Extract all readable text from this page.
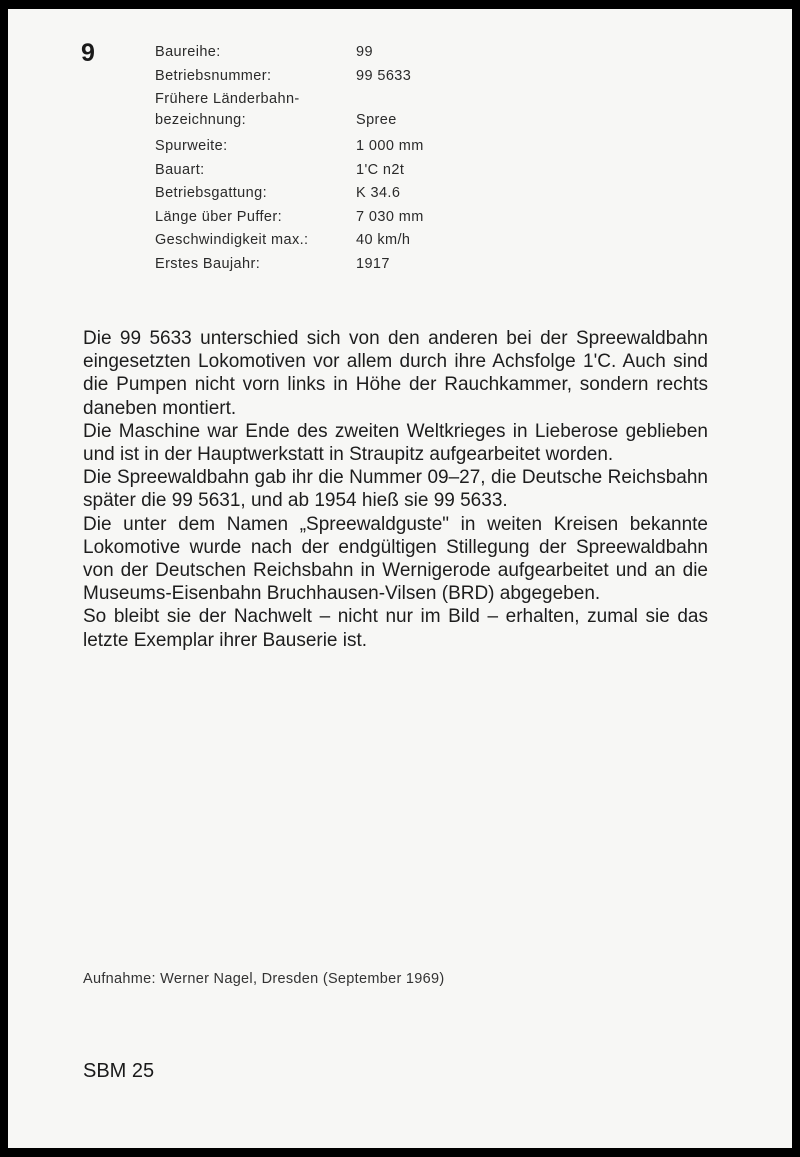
9	Baureihe:	99
Betriebsnummer:	99 5633
Frühere Länderbahn-
bezeichnung:	Spree
Spurweite:	1 000 mm
Bauart:	1'C n2t
Betriebsgattung:	K 34.6
Länge über Puffer:	7 030 mm
Geschwindigkeit max.:	40 km/h
Erstes Baujahr:	1917

Die 99 5633 unterschied sich von den anderen bei der Spreewaldbahn eingesetzten Lokomotiven vor allem durch ihre Achsfolge 1'C. Auch sind die Pumpen nicht vorn links in Höhe der Rauchkammer, sondern rechts daneben montiert.

Die Maschine war Ende des zweiten Weltkrieges in Lieberose geblieben und ist in der Hauptwerkstatt in Straupitz aufgearbeitet worden.

Die Spreewaldbahn gab ihr die Nummer 09–27, die Deutsche Reichsbahn später die 99 5631, und ab 1954 hieß sie 99 5633.

Die unter dem Namen „Spreewaldguste" in weiten Kreisen bekannte Lokomotive wurde nach der endgültigen Stillegung der Spreewaldbahn von der Deutschen Reichsbahn in Wernigerode aufgearbeitet und an die Museums-Eisenbahn Bruchhausen-Vilsen (BRD) abgegeben.

So bleibt sie der Nachwelt – nicht nur im Bild – erhalten, zumal sie das letzte Exemplar ihrer Bauserie ist.

Aufnahme: Werner Nagel, Dresden (September 1969)
SBM 25
